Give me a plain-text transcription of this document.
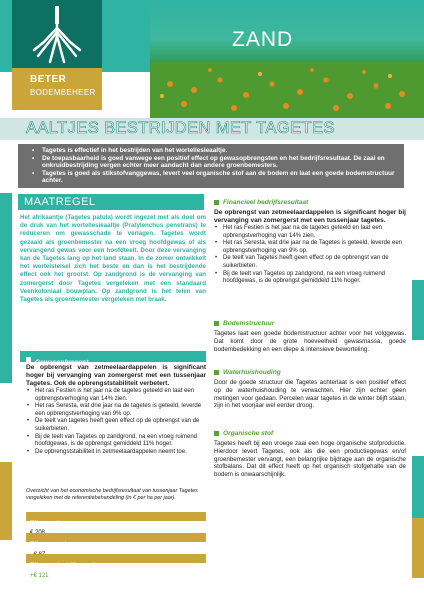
BETER
BODEMBEHEER
ZAND
AALTJES BESTRIJDEN MET TAGETES
• Tagetes is effectief in het bestrijden van het wortellesieaaltje.
• De toepasbaarheid is goed vanwege een positief effect op gewasopbrengsten en het bedrijfsresultaat. De zaai en onkruidbestrijding vergen echter meer aandacht dan andere groenbemesters.
• Tagetes is goed als stikstofvanggewas, levert veel organische stof aan de bodem en laat een goede bodemstructuur achter.
MAATREGEL
Het afrikaantje (Tagetes patula) wordt ingezet met als doel om de druk van het wortellesieaaltje (Pratylenchus penetrans) te reduceren om gewasschade te verlagen. Tagetes wordt gezaaid als groenbemester na een vroeg hoofdgewas of als vervangend gewas voor een hoofdteelt. Door deze vervanging kan de Tagetes lang op het land staan. In de zomer ontwikkelt het wortelstelsel zich het beste en dan is het bestrijdende effect ook het grootst. Op zandgrond is de vervanging van zomergerst door Tagetes vergeleken met een standaard Veenkoloniaal bouwplan. Op zandgrond is het telen van Tagetes als groenbemester vergeleken met braak.
Gewasopbrengst
De opbrengst van zetmeelaardappelen is significant hoger bij vervanging van zomergerst met een tussenjaar Tagetes. Ook de opbrengststabiliteit verbetert.
• Het ras Festien is het jaar na de tagetes geteeld en laat een opbrengstverhoging van 14% zien.
• Het ras Seresta, wat drie jaar na de tagetes is geteeld, leverde een opbrengstverhoging van 9% op.
• De teelt van tagetes heeft geen effect op de opbrengst van de suikerbieten.
• Bij de teelt van Tagetes op zandgrond, na een vroeg ruimend hoofdgewas, is de opbrengst gemiddeld 11% hoger.
• De opbrengststabiliteit in zetmeelaardappelen neemt toe.
Overzicht van het economische bedrijfsresultaat van tussenjaar Tagetes vergeleken met de referentiebehandeling (in € per ha per jaar).
Effect op kosten
Effect op opbrengsten
Effect op bedrijfsresultaat
+€ 121
Financieel bedrijfsresultaat
De opbrengst van zetmeelaardappelen is significant hoger bij vervanging van zomergerst met een tussenjaar tagetes.
• Het ras Festien is het jaar na de tagetes geteeld en laat een opbrengstverhoging van 14% zien.
• Het ras Seresta, wat drie jaar na de Tagetes is geteeld, leverde een opbrengstverhoging van 9% op.
• De teelt van Tagetes heeft geen effect op de opbrengst van de suikerbieten.
• Bij de teelt van Tagetes op zandgrond, na een vroeg ruimend hoofdgewas, is de opbrengst gemiddeld 11% hoger.
Bodemstructuur
Tagetes laat een goede bodemstructuur achter voor het volggewas. Dat komt door de grote hoeveelheid gewasmassa, goede bodembedekking en een diepe & intensieve beworteling.
Waterhuishouding
Door de goede structuur die Tagetes achterlaat is een positief effect op de waterhuishouding te verwachten. Hier zijn echter geen metingen voor gedaan. Percelen waar tagetes in de winter blijft staan, zijn in het voorjaar wel eerder droog.
Organische stof
Tagetes heeft bij een vroege zaai een hoge organische stofproductie. Hierdoor levert Tagetes, ook als die een productiegewas en/of groenbemester vervangt, een belangrijke bijdrage aan de organische stofbalans. Dat dit effect heeft op het organisch stofgehalte van de bodem is onwaarschijnlijk.
